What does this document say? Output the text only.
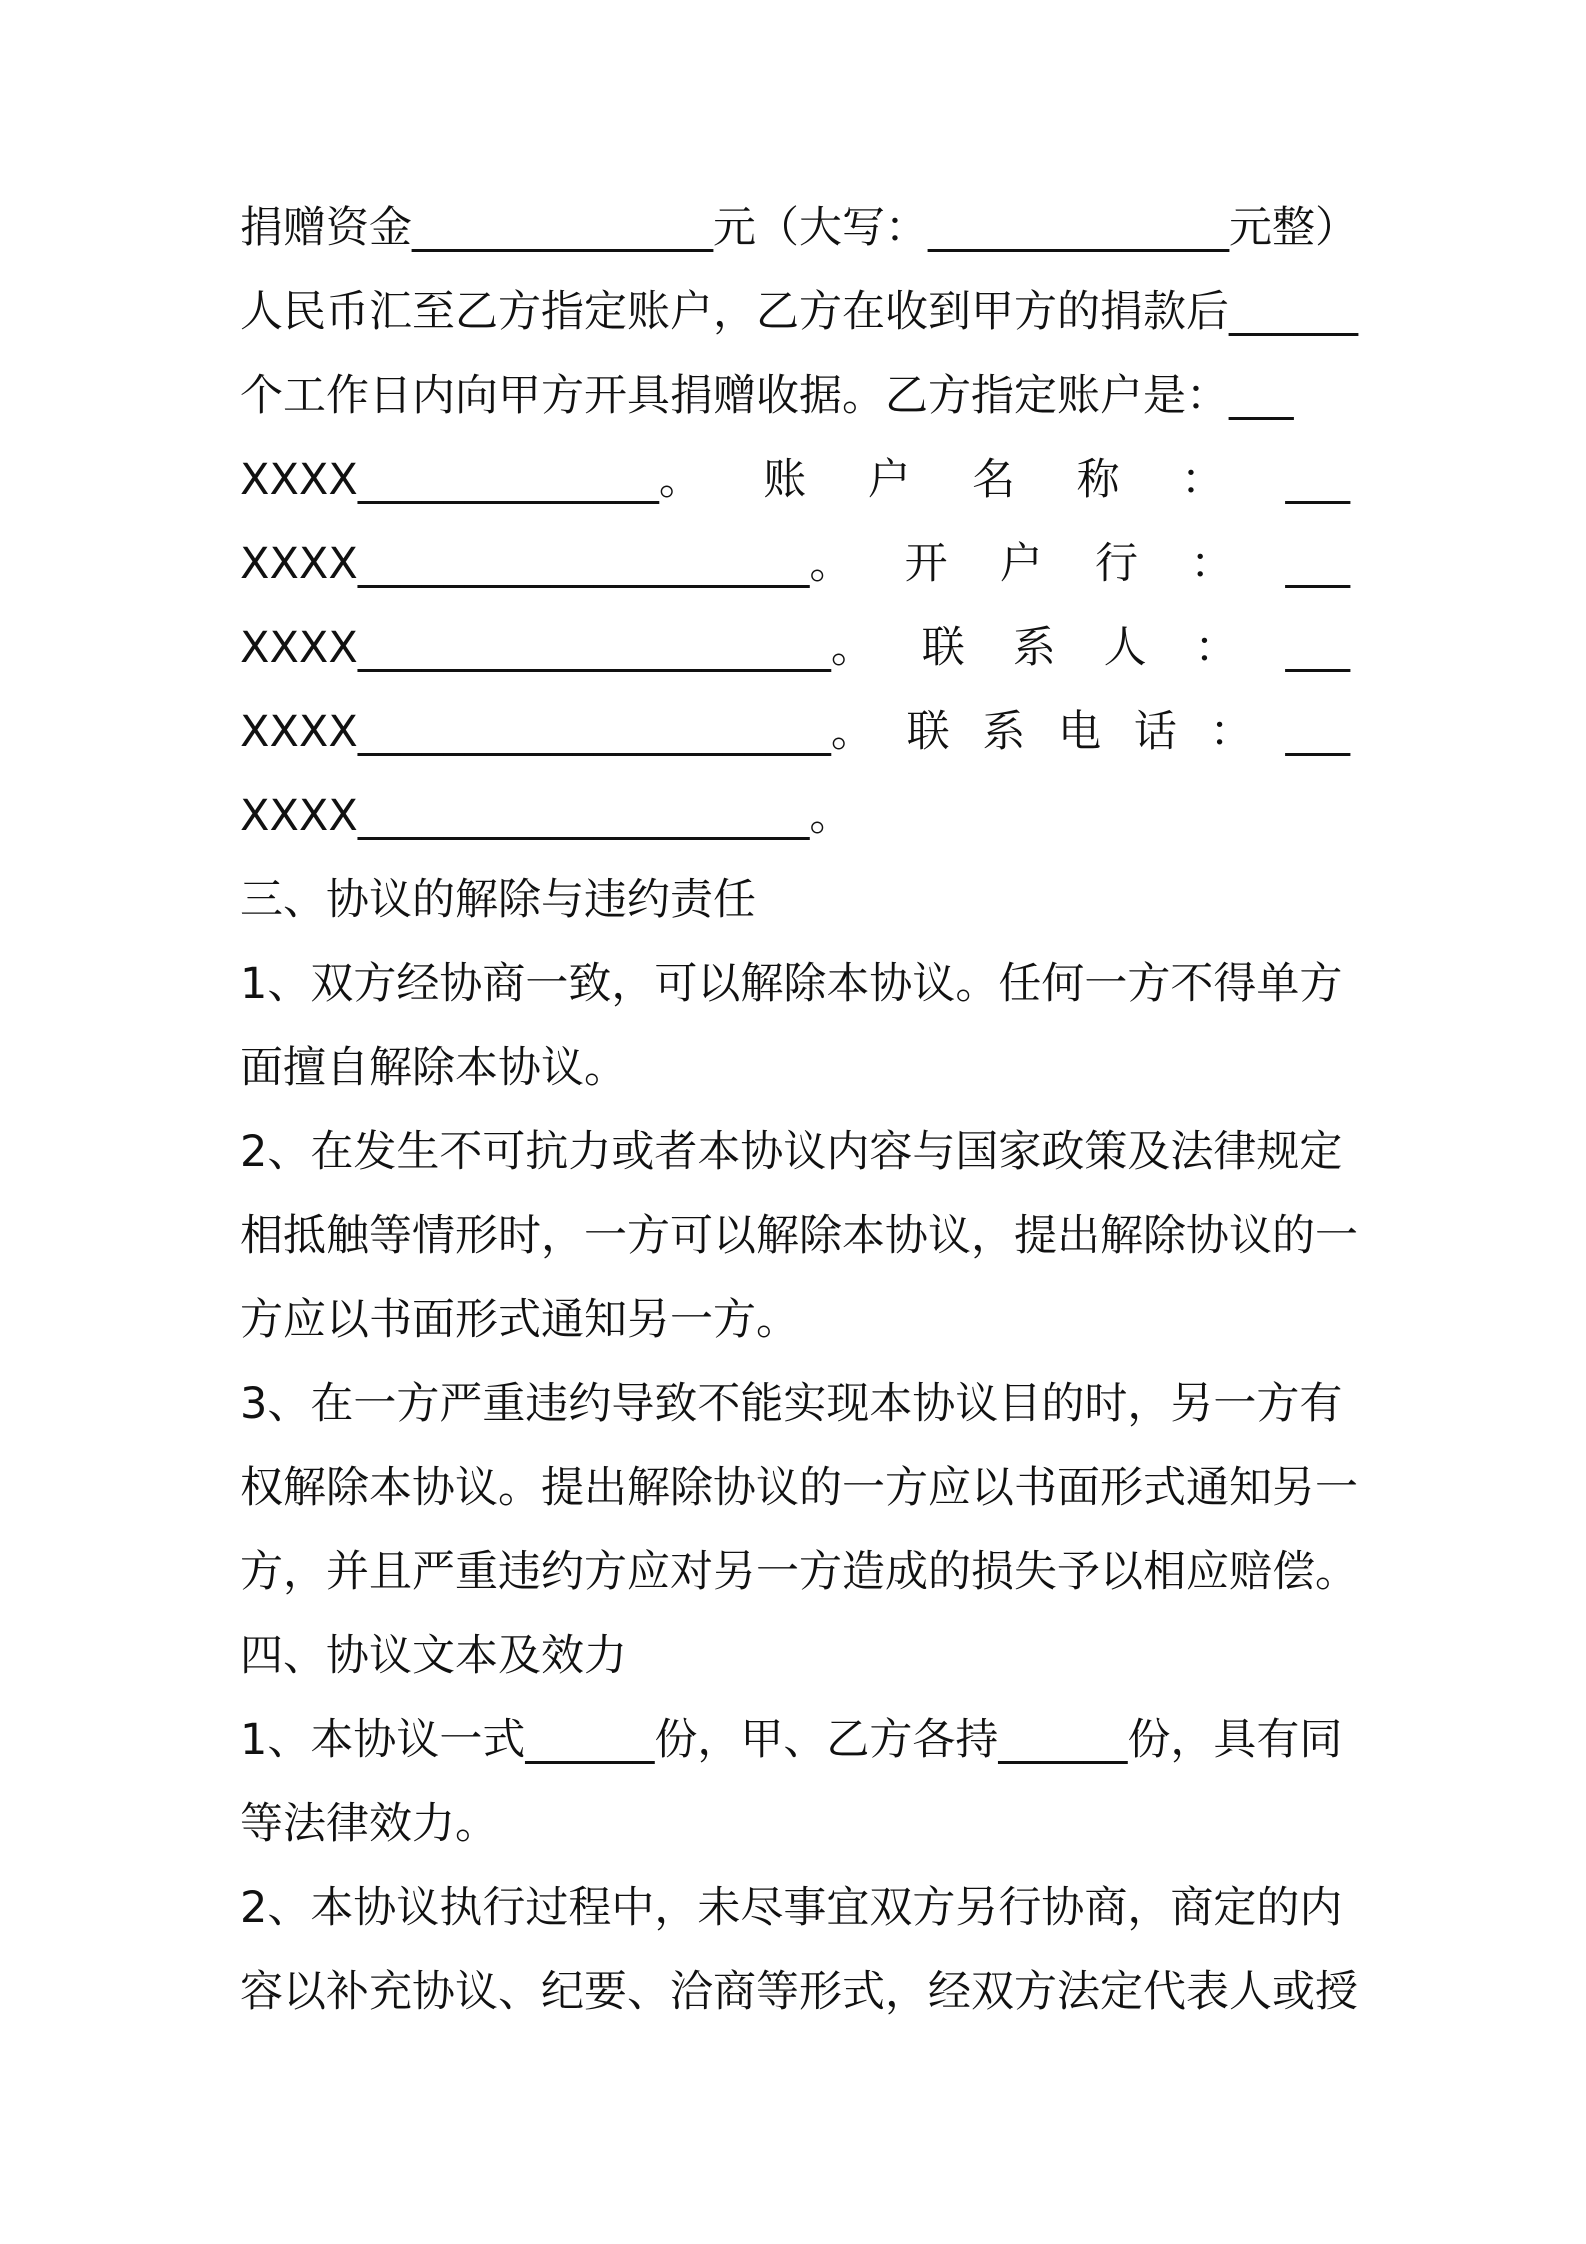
捐赠资金______________元（大写：______________元整）
人民币汇至乙方指定账户，乙方在收到甲方的捐款后______
个工作日内向甲方开具捐赠收据。乙方指定账户是：___
XXXX______________。 账 户 名 称 ： ___
XXXX_____________________。 开 户 行 ： ___
XXXX______________________。 联 系 人 ： ___
XXXX______________________。 联 系 电 话 ： ___
XXXX_____________________。
三、协议的解除与违约责任
1、双方经协商一致，可以解除本协议。任何一方不得单方
面擅自解除本协议。
2、在发生不可抗力或者本协议内容与国家政策及法律规定
相抵触等情形时，一方可以解除本协议，提出解除协议的一
方应以书面形式通知另一方。
3、在一方严重违约导致不能实现本协议目的时，另一方有
权解除本协议。提出解除协议的一方应以书面形式通知另一
方，并且严重违约方应对另一方造成的损失予以相应赔偿。
四、协议文本及效力
1、本协议一式______份，甲、乙方各持______份，具有同
等法律效力。
2、本协议执行过程中，未尽事宜双方另行协商，商定的内
容以补充协议、纪要、洽商等形式，经双方法定代表人或授
